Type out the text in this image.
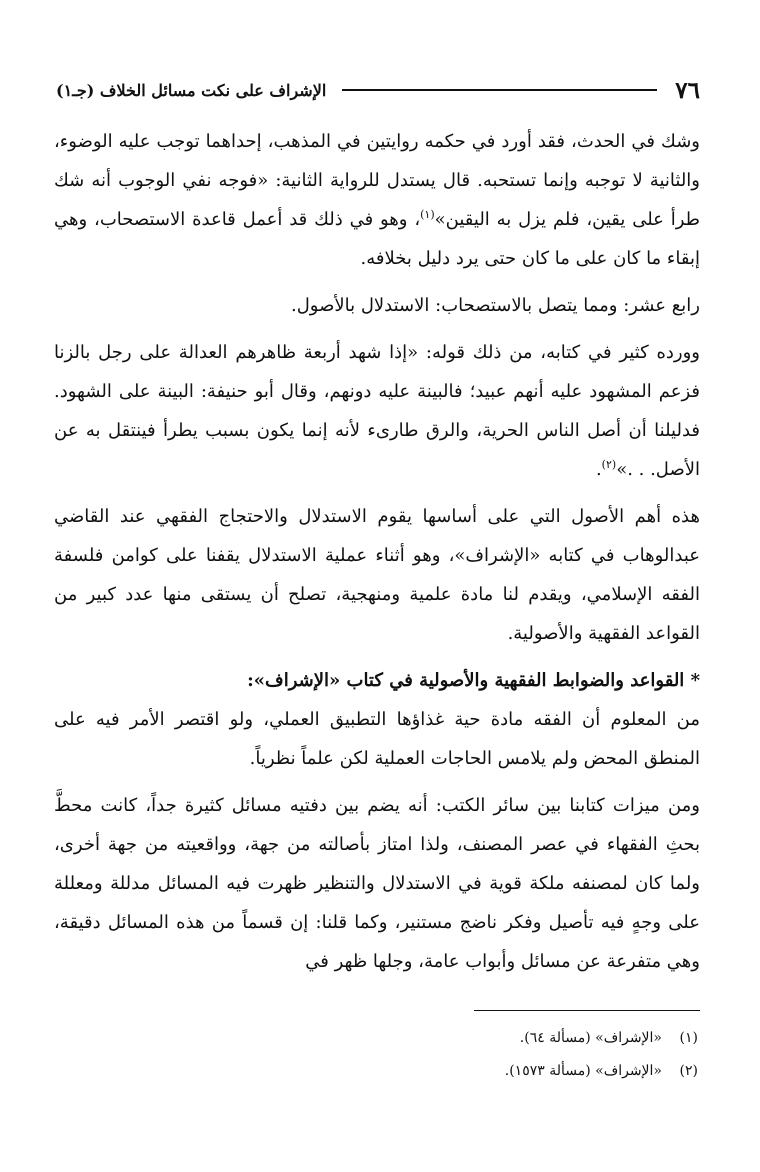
٧٦
الإشراف على نكت مسائل الخلاف (جـ١)

وشك في الحدث، فقد أورد في حكمه روايتين في المذهب، إحداهما توجب عليه الوضوء، والثانية لا توجبه وإنما تستحبه. قال يستدل للرواية الثانية: «فوجه نفي الوجوب أنه شك طرأ على يقين، فلم يزل به اليقين»$^{(١)}$، وهو في ذلك قد أعمل قاعدة الاستصحاب، وهي إبقاء ما كان على ما كان حتى يرد دليل بخلافه.

رابع عشر: ومما يتصل بالاستصحاب: الاستدلال بالأصول.

وورده كثير في كتابه، من ذلك قوله: «إذا شهد أربعة ظاهرهم العدالة على رجل بالزنا فزعم المشهود عليه أنهم عبيد؛ فالبينة عليه دونهم، وقال أبو حنيفة: البينة على الشهود. فدليلنا أن أصل الناس الحرية، والرق طارىء لأنه إنما يكون بسبب يطرأ فينتقل به عن الأصل. . .»$^{(٢)}$.

هذه أهم الأصول التي على أساسها يقوم الاستدلال والاحتجاج الفقهي عند القاضي عبدالوهاب في كتابه «الإشراف»، وهو أثناء عملية الاستدلال يقفنا على كوامن فلسفة الفقه الإسلامي، ويقدم لنا مادة علمية ومنهجية، تصلح أن يستقى منها عدد كبير من القواعد الفقهية والأصولية.

* القواعد والضوابط الفقهية والأصولية في كتاب «الإشراف»:

من المعلوم أن الفقه مادة حية غذاؤها التطبيق العملي، ولو اقتصر الأمر فيه على المنطق المحض ولم يلامس الحاجات العملية لكن علماً نظرياً.

ومن ميزات كتابنا بين سائر الكتب: أنه يضم بين دفتيه مسائل كثيرة جداً، كانت محطَّ بحثِ الفقهاء في عصر المصنف، ولذا امتاز بأصالته من جهة، وواقعيته من جهة أخرى، ولما كان لمصنفه ملكة قوية في الاستدلال والتنظير ظهرت فيه المسائل مدللة ومعللة على وجهٍ فيه تأصيل وفكر ناضج مستنير، وكما قلنا: إن قسماً من هذه المسائل دقيقة، وهي متفرعة عن مسائل وأبواب عامة، وجلها ظهر في

(١)«الإشراف» (مسألة ٦٤).

(٢)«الإشراف» (مسألة ١٥٧٣).
